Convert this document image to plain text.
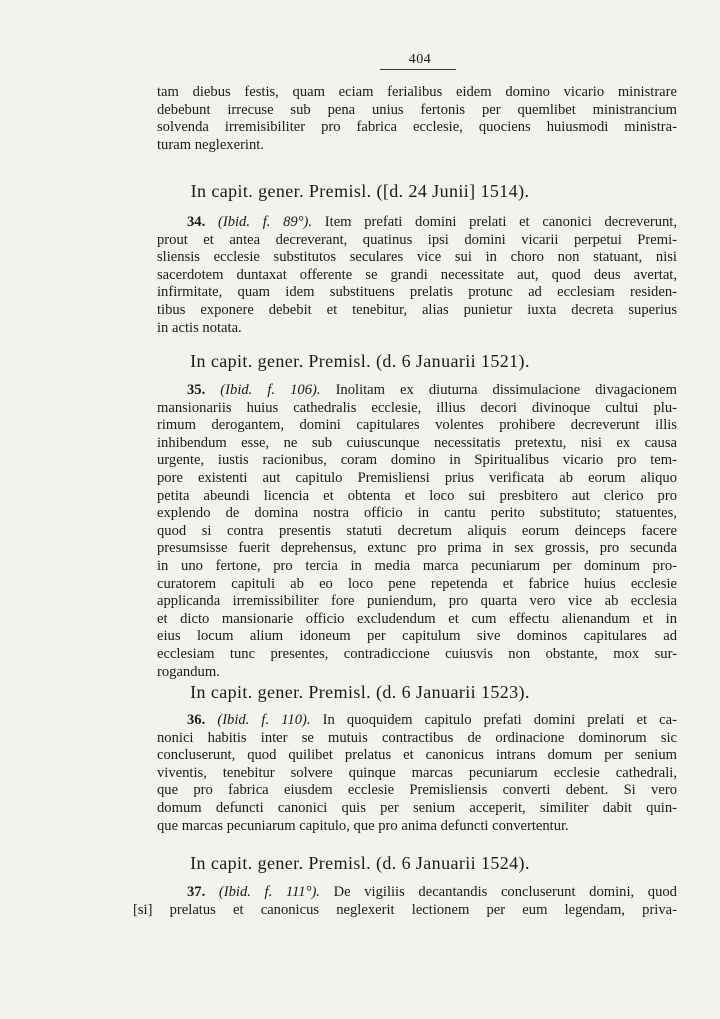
404
tam diebus festis, quam eciam ferialibus eidem domino vicario ministrare
debebunt irrecuse sub pena unius fertonis per quemlibet ministrancium
solvenda irremisibiliter pro fabrica ecclesie, quociens huiusmodi ministra-
turam neglexerint.
In capit. gener. Premisl. ([d. 24 Junii] 1514).
34. (Ibid. f. 89°). Item prefati domini prelati et canonici decreverunt,
prout et antea decreverant, quatinus ipsi domini vicarii perpetui Premi-
sliensis ecclesie substitutos seculares vice sui in choro non statuant, nisi
sacerdotem duntaxat offerente se grandi necessitate aut, quod deus avertat,
infirmitate, quam idem substituens prelatis protunc ad ecclesiam residen-
tibus exponere debebit et tenebitur, alias punietur iuxta decreta superius
in actis notata.
In capit. gener. Premisl. (d. 6 Januarii 1521).
35. (Ibid. f. 106). Inolitam ex diuturna dissimulacione divagacionem
mansionariis huius cathedralis ecclesie, illius decori divinoque cultui plu-
rimum derogantem, domini capitulares volentes prohibere decreverunt illis
inhibendum esse, ne sub cuiuscunque necessitatis pretextu, nisi ex causa
urgente, iustis racionibus, coram domino in Spiritualibus vicario pro tem-
pore existenti aut capitulo Premisliensi prius verificata ab eorum aliquo
petita abeundi licencia et obtenta et loco sui presbitero aut clerico pro
explendo de domina nostra officio in cantu perito substituto; statuentes,
quod si contra presentis statuti decretum aliquis eorum deinceps facere
presumsisse fuerit deprehensus, extunc pro prima in sex grossis, pro secunda
in uno fertone, pro tercia in media marca pecuniarum per dominum pro-
curatorem capituli ab eo loco pene repetenda et fabrice huius ecclesie
applicanda irremissibiliter fore puniendum, pro quarta vero vice ab ecclesia
et dicto mansionarie officio excludendum et cum effectu alienandum et in
eius locum alium idoneum per capitulum sive dominos capitulares ad
ecclesiam tunc presentes, contradiccione cuiusvis non obstante, mox sur-
rogandum.
In capit. gener. Premisl. (d. 6 Januarii 1523).
36. (Ibid. f. 110). In quoquidem capitulo prefati domini prelati et ca-
nonici habitis inter se mutuis contractibus de ordinacione dominorum sic
concluserunt, quod quilibet prelatus et canonicus intrans domum per senium
viventis, tenebitur solvere quinque marcas pecuniarum ecclesie cathedrali,
que pro fabrica eiusdem ecclesie Premisliensis converti debent. Si vero
domum defuncti canonici quis per senium acceperit, similiter dabit quin-
que marcas pecuniarum capitulo, que pro anima defuncti convertentur.
In capit. gener. Premisl. (d. 6 Januarii 1524).
37. (Ibid. f. 111°). De vigiliis decantandis concluserunt domini, quod
[si] prelatus et canonicus neglexerit lectionem per eum legendam, priva-
